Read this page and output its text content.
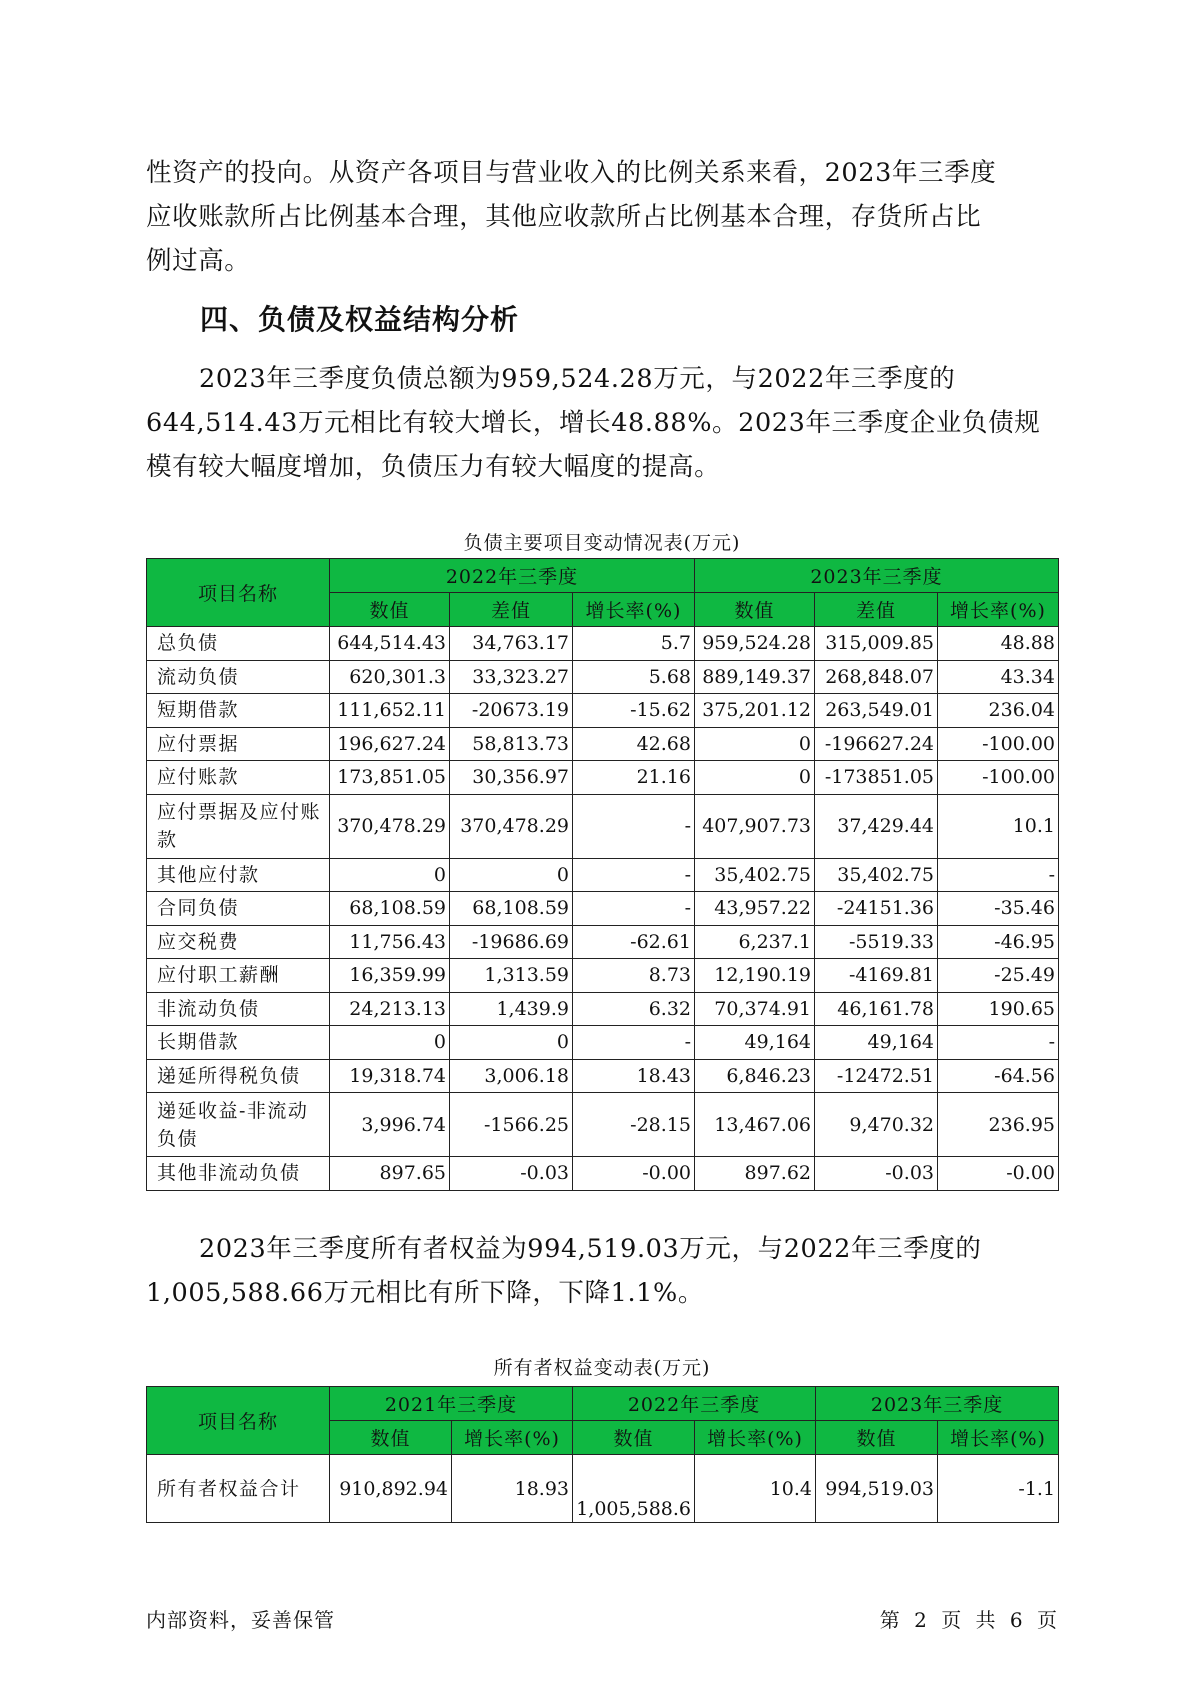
性资产的投向。从资产各项目与营业收入的比例关系来看，2023年三季度
应收账款所占比例基本合理，其他应收款所占比例基本合理，存货所占比
例过高。

四、负债及权益结构分析

2023年三季度负债总额为959,524.28万元，与2022年三季度的
644,514.43万元相比有较大增长，增长48.88%。2023年三季度企业负债规
模有较大幅度增加，负债压力有较大幅度的提高。

负债主要项目变动情况表(万元)
项目名称	2022年三季度			2023年三季度		
	数值	差值	增长率(%)	数值	差值	增长率(%)
总负债	644,514.43	34,763.17	5.7	959,524.28	315,009.85	48.88
流动负债	620,301.3	33,323.27	5.68	889,149.37	268,848.07	43.34
短期借款	111,652.11	-20673.19	-15.62	375,201.12	263,549.01	236.04
应付票据	196,627.24	58,813.73	42.68	0	-196627.24	-100.00
应付账款	173,851.05	30,356.97	21.16	0	-173851.05	-100.00
应付票据及应付账款	370,478.29	370,478.29	-	407,907.73	37,429.44	10.1
其他应付款	0	0	-	35,402.75	35,402.75	-
合同负债	68,108.59	68,108.59	-	43,957.22	-24151.36	-35.46
应交税费	11,756.43	-19686.69	-62.61	6,237.1	-5519.33	-46.95
应付职工薪酬	16,359.99	1,313.59	8.73	12,190.19	-4169.81	-25.49
非流动负债	24,213.13	1,439.9	6.32	70,374.91	46,161.78	190.65
长期借款	0	0	-	49,164	49,164	-
递延所得税负债	19,318.74	3,006.18	18.43	6,846.23	-12472.51	-64.56
递延收益-非流动负债	3,996.74	-1566.25	-28.15	13,467.06	9,470.32	236.95
其他非流动负债	897.65	-0.03	-0.00	897.62	-0.03	-0.00

2023年三季度所有者权益为994,519.03万元，与2022年三季度的
1,005,588.66万元相比有所下降，下降1.1%。

所有者权益变动表(万元)
项目名称	2021年三季度		2022年三季度		2023年三季度	
	数值	增长率(%)	数值	增长率(%)	数值	增长率(%)
所有者权益合计	910,892.94	18.93	1,005,588.6	10.4	994,519.03	-1.1
内部资料，妥善保管	第 2 页 共 6 页
